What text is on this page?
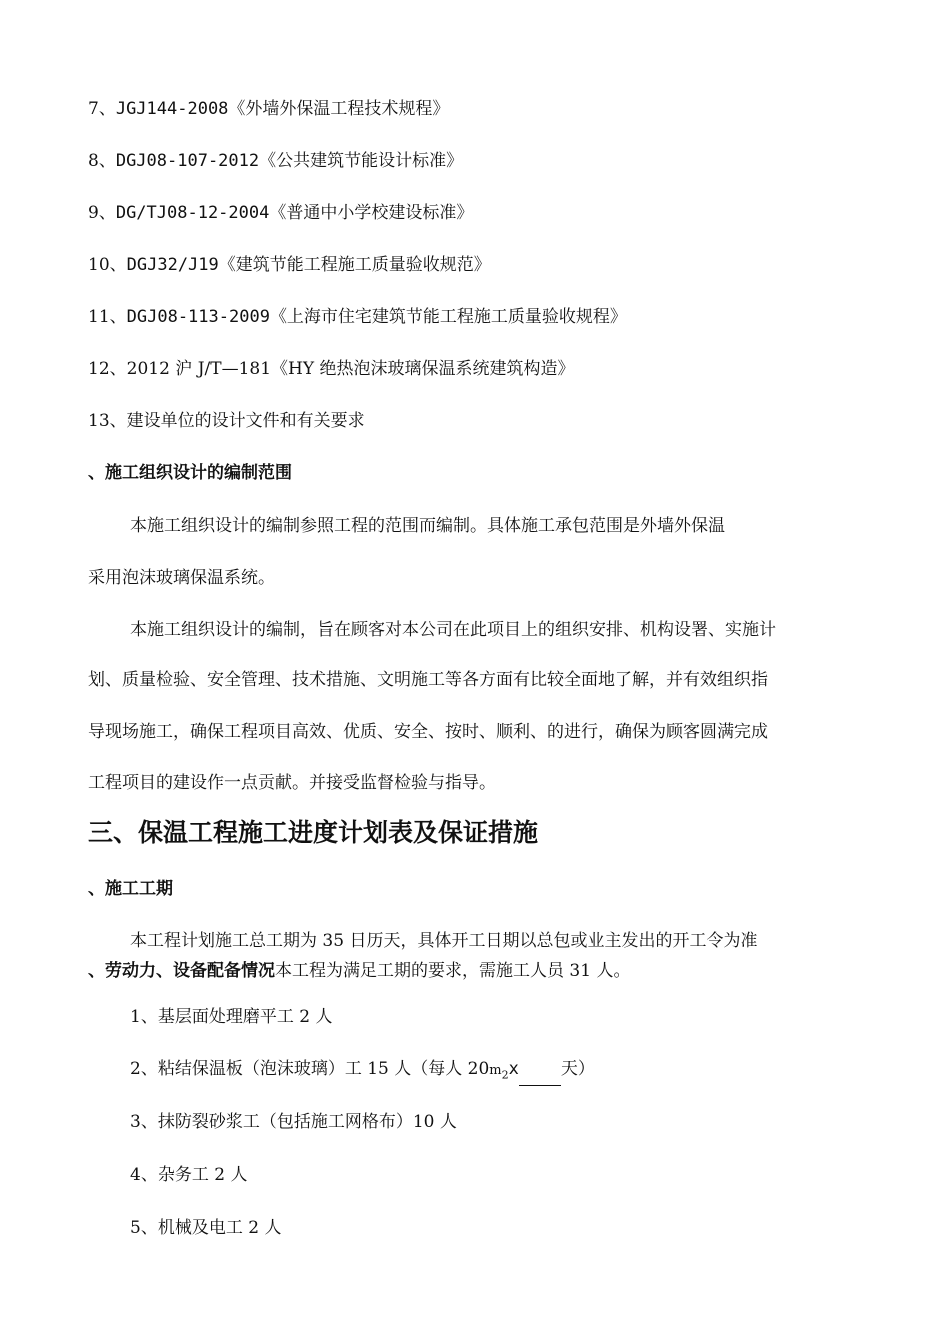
7、JGJ144-2008《外墙外保温工程技术规程》
8、DGJ08-107-2012《公共建筑节能设计标准》
9、DG/TJ08-12-2004《普通中小学校建设标准》
10、DGJ32/J19《建筑节能工程施工质量验收规范》
11、DGJ08-113-2009《上海市住宅建筑节能工程施工质量验收规程》
12、2012 沪 J/T—181《HY 绝热泡沫玻璃保温系统建筑构造》
13、建设单位的设计文件和有关要求
、施工组织设计的编制范围
本施工组织设计的编制参照工程的范围而编制。具体施工承包范围是外墙外保温
采用泡沫玻璃保温系统。
本施工组织设计的编制，旨在顾客对本公司在此项目上的组织安排、机构设署、实施计
划、质量检验、安全管理、技术措施、文明施工等各方面有比较全面地了解，并有效组织指
导现场施工，确保工程项目高效、优质、安全、按时、顺利、的进行，确保为顾客圆满完成
工程项目的建设作一点贡献。并接受监督检验与指导。
三、保温工程施工进度计划表及保证措施
、施工工期
本工程计划施工总工期为 35 日历天，具体开工日期以总包或业主发出的开工令为准
、劳动力、设备配备情况本工程为满足工期的要求，需施工人员 31 人。
1、基层面处理磨平工 2 人
2、粘结保温板（泡沫玻璃）工 15 人（每人 $20m_2x$ 天）
3、抹防裂砂浆工（包括施工网格布）10 人
4、杂务工 2 人
5、机械及电工 2 人
